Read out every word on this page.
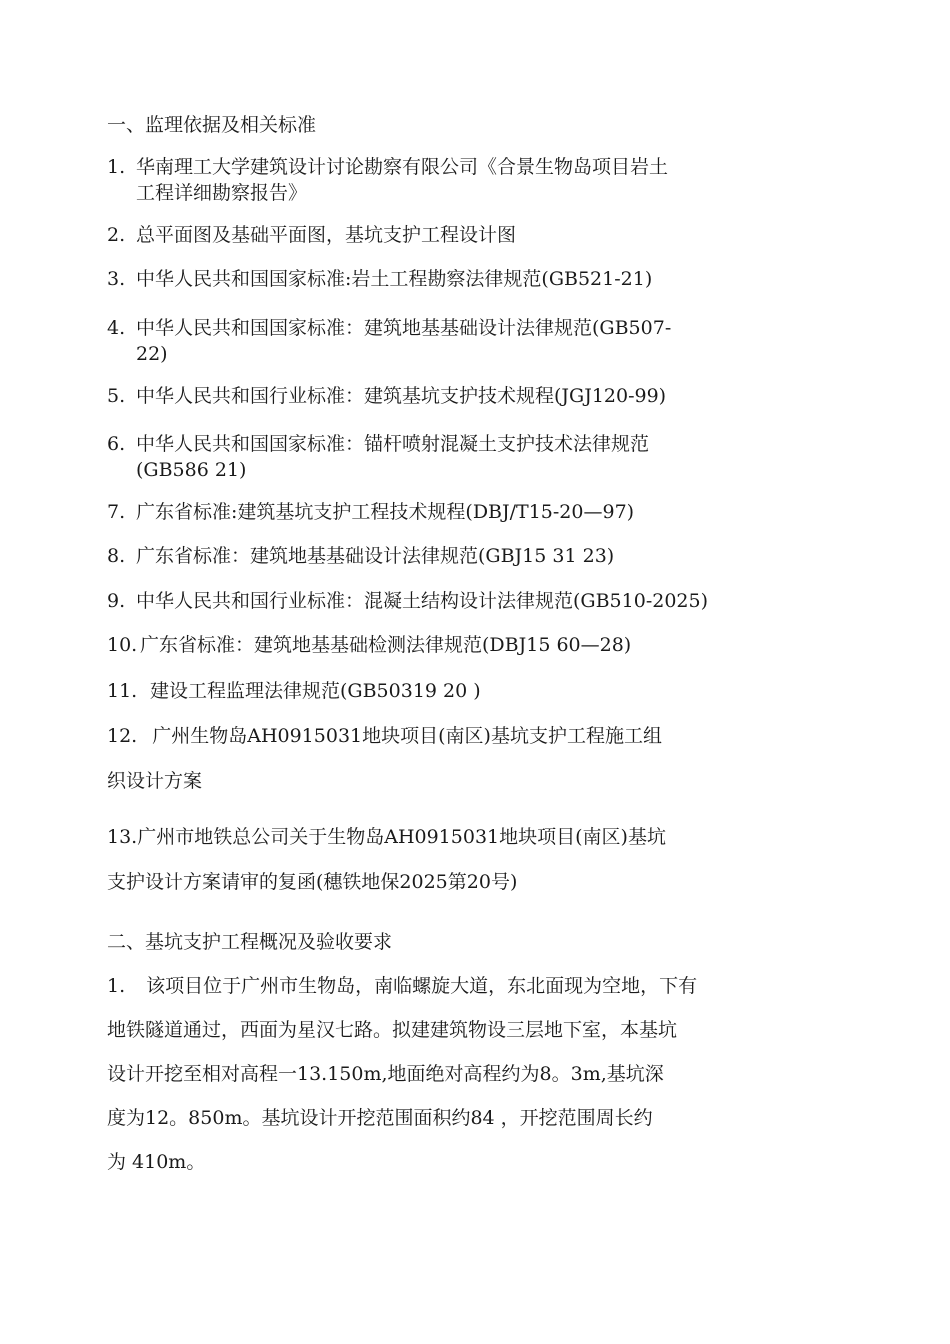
一、监理依据及相关标准
1. 华南理工大学建筑设计讨论勘察有限公司《合景生物岛项目岩土
工程详细勘察报告》
2. 总平面图及基础平面图，基坑支护工程设计图
3. 中华人民共和国国家标准:岩土工程勘察法律规范(GB521-21)
4. 中华人民共和国国家标准：建筑地基基础设计法律规范(GB507-
22)
5. 中华人民共和国行业标准：建筑基坑支护技术规程(JGJ120-99)
6. 中华人民共和国国家标准：锚杆喷射混凝土支护技术法律规范
(GB586 21)
7. 广东省标准:建筑基坑支护工程技术规程(DBJ/T15-20—97)
8. 广东省标准：建筑地基基础设计法律规范(GBJ15 31 23)
9. 中华人民共和国行业标准：混凝土结构设计法律规范(GB510-2025)
10. 广东省标准：建筑地基基础检测法律规范(DBJ15 60—28)
11. 建设工程监理法律规范(GB50319 20 )
12. 广州生物岛AH0915031地块项目(南区)基坑支护工程施工组
织设计方案
13.广州市地铁总公司关于生物岛AH0915031地块项目(南区)基坑
支护设计方案请审的复函(穗铁地保2025第20号)
二、基坑支护工程概况及验收要求
1. 该项目位于广州市生物岛，南临螺旋大道，东北面现为空地，下有
地铁隧道通过，西面为星汉七路。拟建建筑物设三层地下室，本基坑
设计开挖至相对高程一13.150m,地面绝对高程约为8。3m,基坑深
度为12。850m。基坑设计开挖范围面积约84 ，开挖范围周长约
为 410m。
